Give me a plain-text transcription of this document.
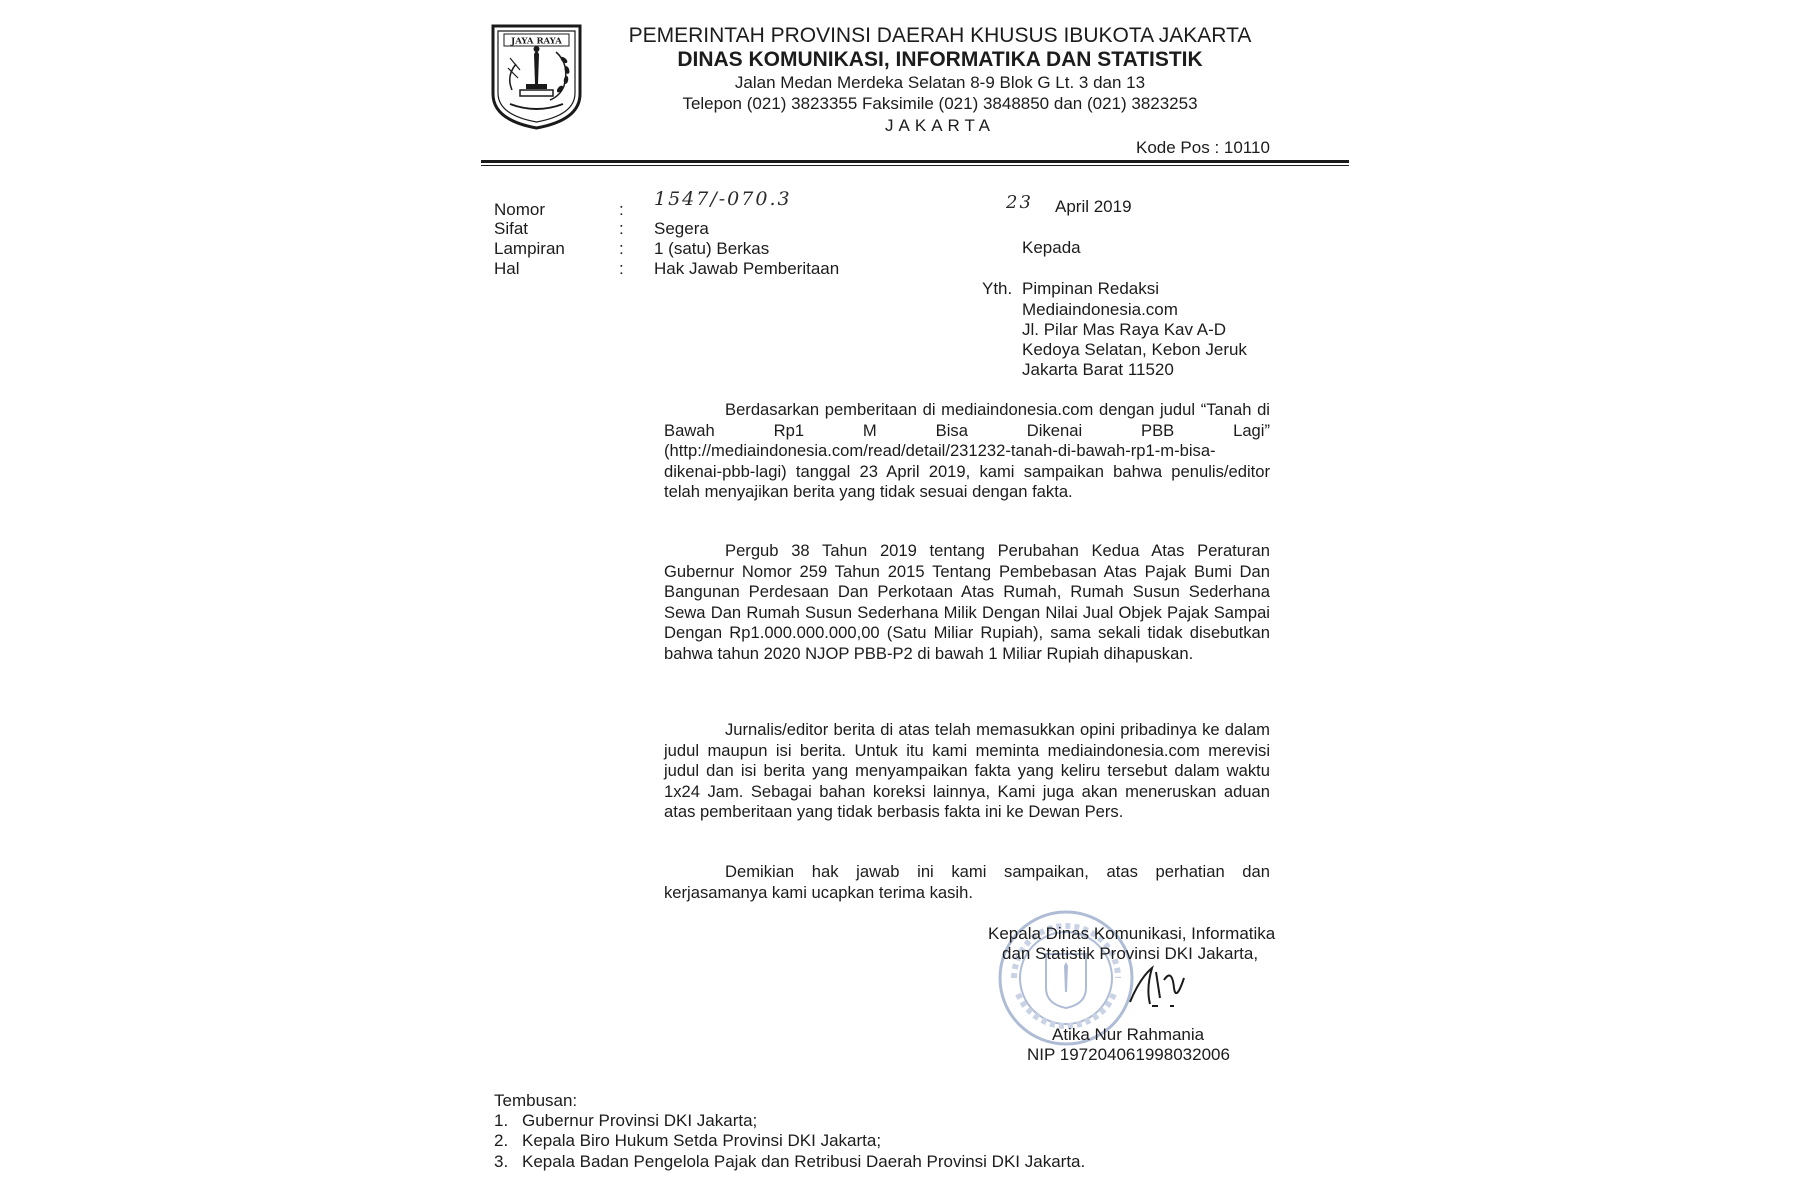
JAYA RAYA	PEMERINTAH PROVINSI DAERAH KHUSUS IBUKOTA JAKARTA
DINAS KOMUNIKASI, INFORMATIKA DAN STATISTIK
Jalan Medan Merdeka Selatan 8-9 Blok G Lt. 3 dan 13
Telepon (021) 3823355 Faksimile (021) 3848850 dan (021) 3823253
JAKARTA
Kode Pos : 10110
Nomor	: 1547/-070.3
Sifat	: Segera
Lampiran	: 1 (satu) Berkas
Hal	: Hak Jawab Pemberitaan
23 April 2019
Kepada
Yth. Pimpinan Redaksi
Mediaindonesia.com
Jl. Pilar Mas Raya Kav A-D
Kedoya Selatan, Kebon Jeruk
Jakarta Barat 11520
Berdasarkan pemberitaan di mediaindonesia.com dengan judul “Tanah di Bawah Rp1 M Bisa Dikenai PBB Lagi” (http://mediaindonesia.com/read/detail/231232-tanah-di-bawah-rp1-m-bisa-dikenai-pbb-lagi) tanggal 23 April 2019, kami sampaikan bahwa penulis/editor telah menyajikan berita yang tidak sesuai dengan fakta.
Pergub 38 Tahun 2019 tentang Perubahan Kedua Atas Peraturan Gubernur Nomor 259 Tahun 2015 Tentang Pembebasan Atas Pajak Bumi Dan Bangunan Perdesaan Dan Perkotaan Atas Rumah, Rumah Susun Sederhana Sewa Dan Rumah Susun Sederhana Milik Dengan Nilai Jual Objek Pajak Sampai Dengan Rp1.000.000.000,00 (Satu Miliar Rupiah), sama sekali tidak disebutkan bahwa tahun 2020 NJOP PBB-P2 di bawah 1 Miliar Rupiah dihapuskan.
Jurnalis/editor berita di atas telah memasukkan opini pribadinya ke dalam judul maupun isi berita. Untuk itu kami meminta mediaindonesia.com merevisi judul dan isi berita yang menyampaikan fakta yang keliru tersebut dalam waktu 1x24 Jam. Sebagai bahan koreksi lainnya, Kami juga akan meneruskan aduan atas pemberitaan yang tidak berbasis fakta ini ke Dewan Pers.
Demikian hak jawab ini kami sampaikan, atas perhatian dan kerjasamanya kami ucapkan terima kasih.
Kepala Dinas Komunikasi, Informatika
dan Statistik Provinsi DKI Jakarta,
Atika Nur Rahmania
NIP 197204061998032006
Tembusan:
1. Gubernur Provinsi DKI Jakarta;
2. Kepala Biro Hukum Setda Provinsi DKI Jakarta;
3. Kepala Badan Pengelola Pajak dan Retribusi Daerah Provinsi DKI Jakarta.
